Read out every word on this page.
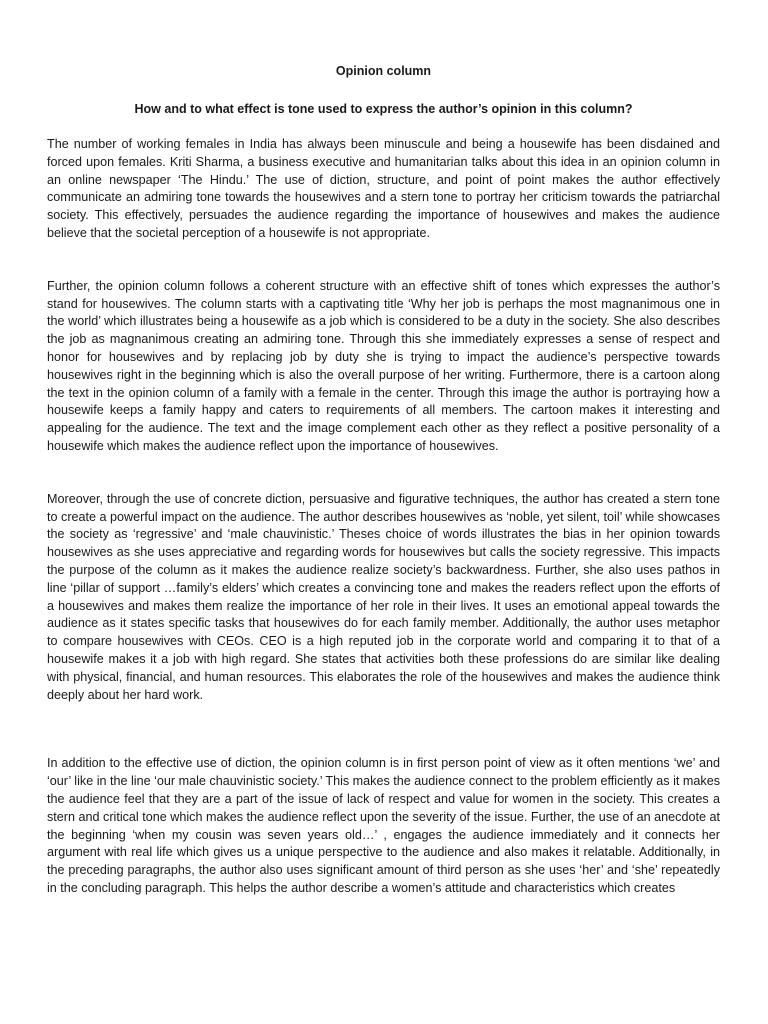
Opinion column
How and to what effect is tone used to express the author’s opinion in this column?

The number of working females in India has always been minuscule and being a housewife has been disdained and forced upon females. Kriti Sharma, a business executive and humanitarian talks about this idea in an opinion column in an online newspaper ‘The Hindu.’ The use of diction, structure, and point of point makes the author effectively communicate an admiring tone towards the housewives and a stern tone to portray her criticism towards the patriarchal society. This effectively, persuades the audience regarding the importance of housewives and makes the audience believe that the societal perception of a housewife is not appropriate.

Further, the opinion column follows a coherent structure with an effective shift of tones which expresses the author’s stand for housewives. The column starts with a captivating title ‘Why her job is perhaps the most magnanimous one in the world’ which illustrates being a housewife as a job which is considered to be a duty in the society. She also describes the job as magnanimous creating an admiring tone. Through this she immediately expresses a sense of respect and honor for housewives and by replacing job by duty she is trying to impact the audience’s perspective towards housewives right in the beginning which is also the overall purpose of her writing. Furthermore, there is a cartoon along the text in the opinion column of a family with a female in the center. Through this image the author is portraying how a housewife keeps a family happy and caters to requirements of all members. The cartoon makes it interesting and appealing for the audience. The text and the image complement each other as they reflect a positive personality of a housewife which makes the audience reflect upon the importance of housewives.

Moreover, through the use of concrete diction, persuasive and figurative techniques, the author has created a stern tone to create a powerful impact on the audience. The author describes housewives as ‘noble, yet silent, toil’ while showcases the society as ‘regressive’ and ‘male chauvinistic.’ Theses choice of words illustrates the bias in her opinion towards housewives as she uses appreciative and regarding words for housewives but calls the society regressive. This impacts the purpose of the column as it makes the audience realize society’s backwardness. Further, she also uses pathos in line ‘pillar of support …family’s elders’ which creates a convincing tone and makes the readers reflect upon the efforts of a housewives and makes them realize the importance of her role in their lives. It uses an emotional appeal towards the audience as it states specific tasks that housewives do for each family member. Additionally, the author uses metaphor to compare housewives with CEOs. CEO is a high reputed job in the corporate world and comparing it to that of a housewife makes it a job with high regard. She states that activities both these professions do are similar like dealing with physical, financial, and human resources. This elaborates the role of the housewives and makes the audience think deeply about her hard work.

In addition to the effective use of diction, the opinion column is in first person point of view as it often mentions ‘we’ and ‘our’ like in the line ‘our male chauvinistic society.’ This makes the audience connect to the problem efficiently as it makes the audience feel that they are a part of the issue of lack of respect and value for women in the society. This creates a stern and critical tone which makes the audience reflect upon the severity of the issue. Further, the use of an anecdote at the beginning ‘when my cousin was seven years old…’ , engages the audience immediately and it connects her argument with real life which gives us a unique perspective to the audience and also makes it relatable. Additionally, in the preceding paragraphs, the author also uses significant amount of third person as she uses ‘her’ and ‘she’ repeatedly in the concluding paragraph. This helps the author describe a women’s attitude and characteristics which creates
